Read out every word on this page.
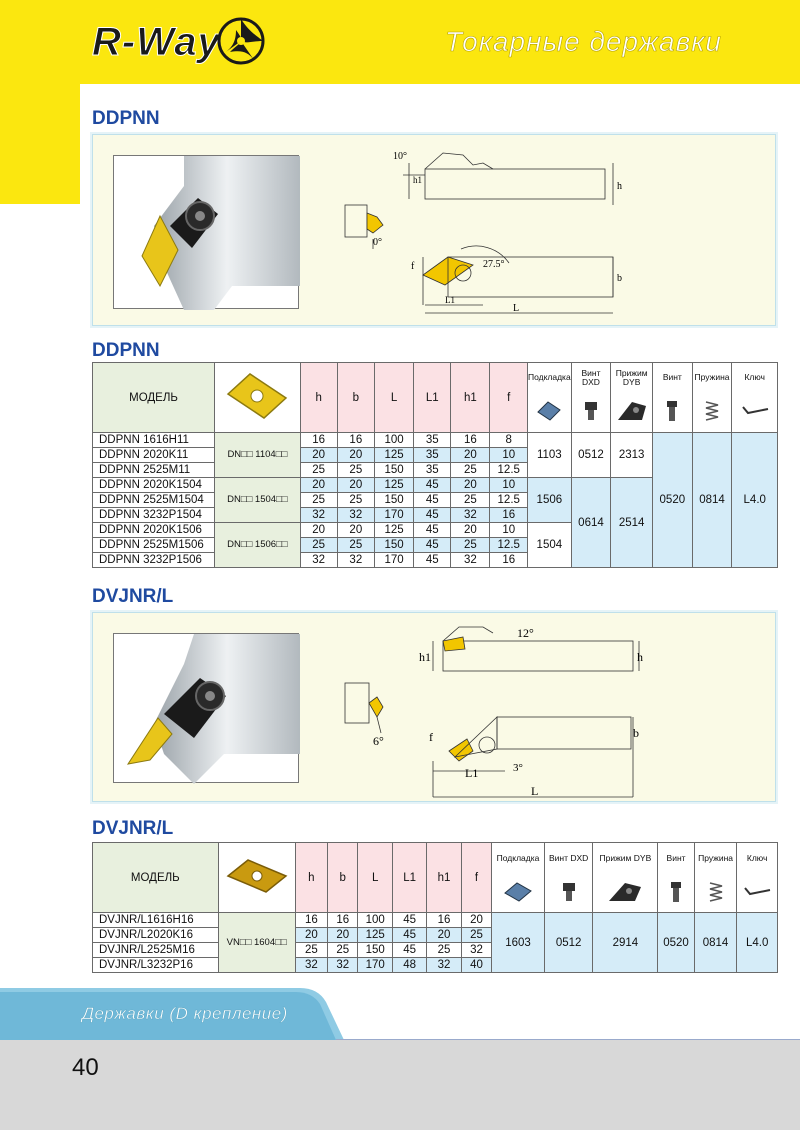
R-Way	Токарные державки
DDPNN
10°
h1
h
0°
f	27.5°
b
L1
L
DDPNN
МОДЕЛЬ		h	b	L	L1	h1	f	Подкладка	Винт DXD	Прижим DYB	Винт	Пружина	Ключ

DDPNN 1616H11	DN□□ 1104□□	16	16	100	35	16	8	1103	0512	2313	0520	0814	L4.0
DDPNN 2020K11		20	20	125	35	20	10						
DDPNN 2525M11		25	25	150	35	25	12.5						
DDPNN 2020K1504	DN□□ 1504□□	20	20	125	45	20	10	1506	0614	2514			
DDPNN 2525M1504		25	25	150	45	25	12.5						
DDPNN 3232P1504		32	32	170	45	32	16						
DDPNN 2020K1506	DN□□ 1506□□	20	20	125	45	20	10	1504					
DDPNN 2525M1506		25	25	150	45	25	12.5						
DDPNN 3232P1506		32	32	170	45	32	16						
DVJNR/L
12°
h1	h
6°	f	b
L1	3°
L
DVJNR/L
МОДЕЛЬ		h	b	L	L1	h1	f	Подкладка	Винт DXD	Прижим DYB	Винт	Пружина	Ключ

DVJNR/L1616H16	VN□□ 1604□□	16	16	100	45	16	20	1603	0512	2914	0520	0814	L4.0
DVJNR/L2020K16		20	20	125	45	20	25						
DVJNR/L2525M16		25	25	150	45	25	32						
DVJNR/L3232P16		32	32	170	48	32	40						
Державки (D крепление)
40
